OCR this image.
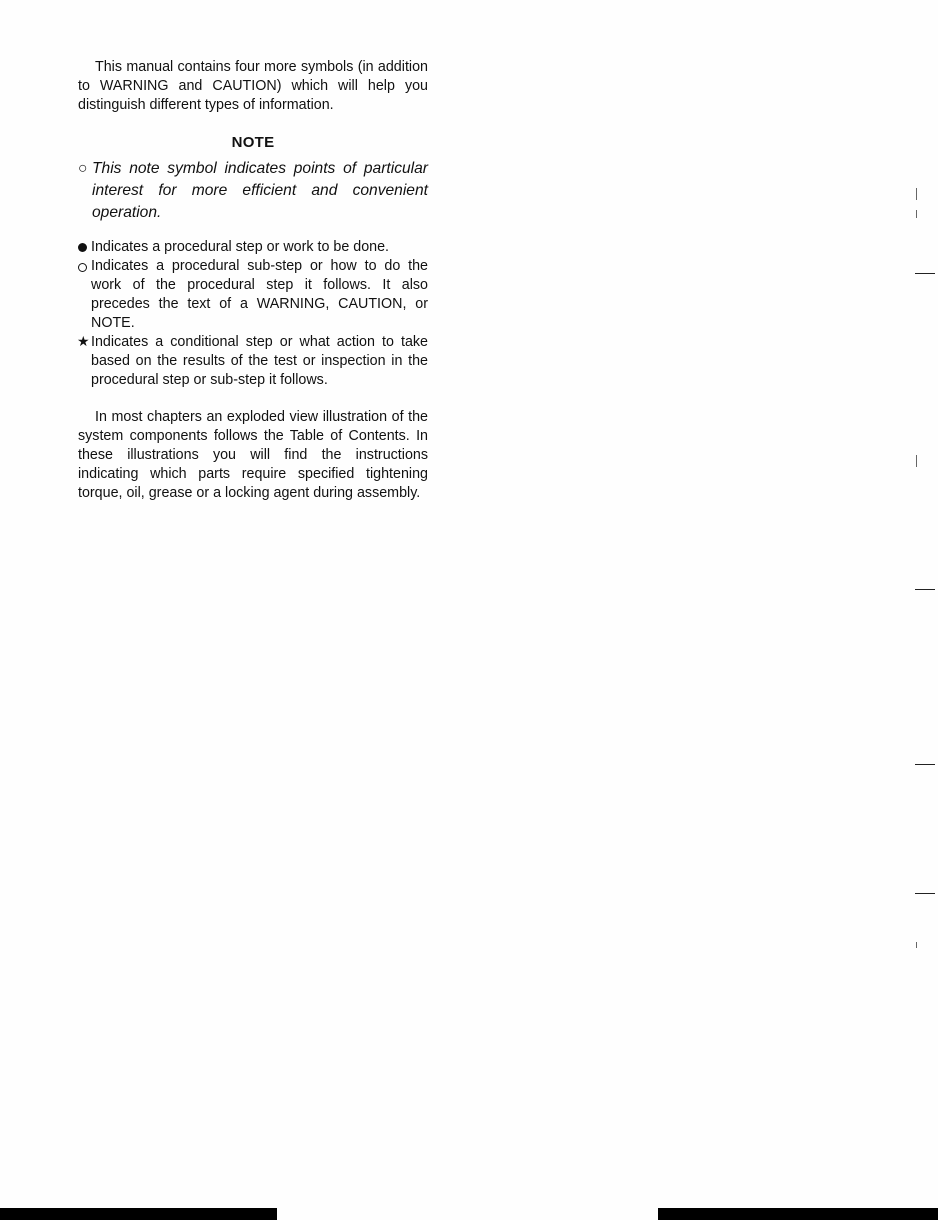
This manual contains four more symbols (in addition to WARNING and CAUTION) which will help you distinguish different types of information.

NOTE

○ This note symbol indicates points of particular interest for more efficient and convenient operation.

Indicates a procedural step or work to be done.
Indicates a procedural sub-step or how to do the work of the procedural step it follows. It also precedes the text of a WARNING, CAUTION, or NOTE.
★ Indicates a conditional step or what action to take based on the results of the test or inspection in the procedural step or sub-step it follows.

In most chapters an exploded view illustration of the system components follows the Table of Contents. In these illustrations you will find the instructions indicating which parts require specified tightening torque, oil, grease or a locking agent during assembly.
